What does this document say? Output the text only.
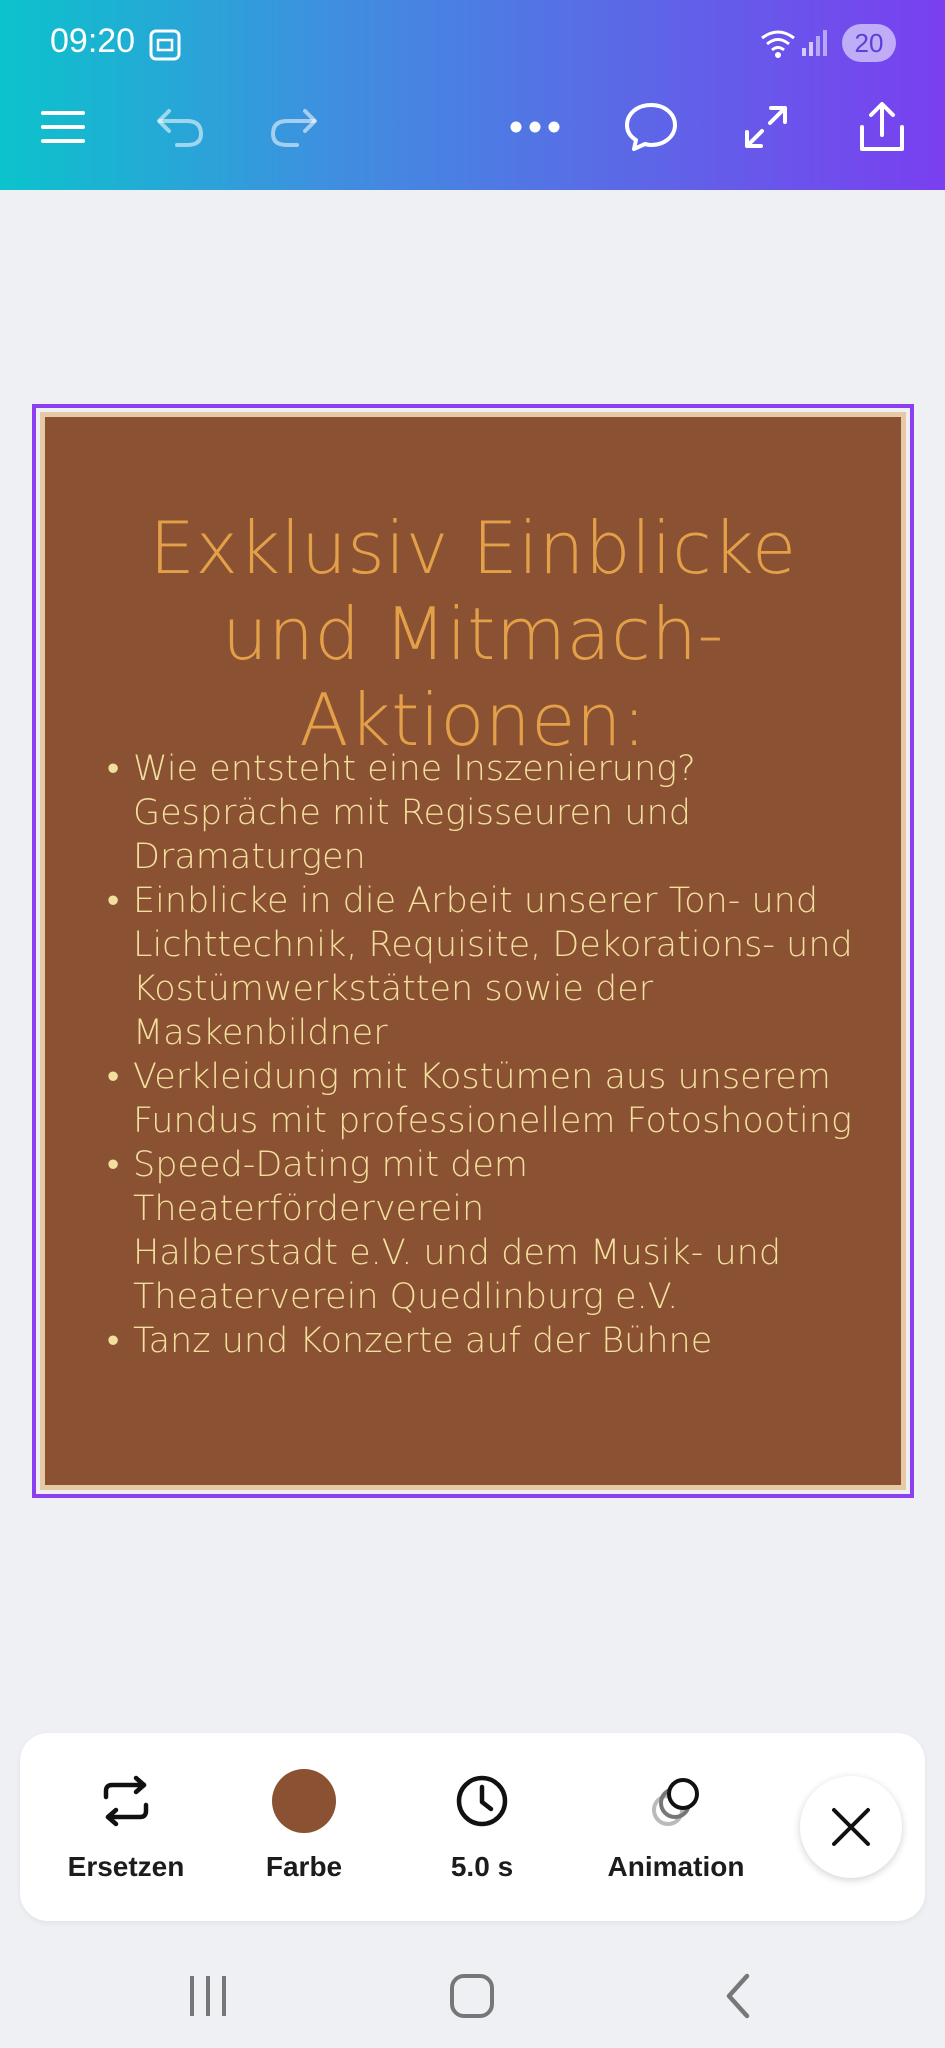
09:20	20
Exklusiv Einblicke und Mitmach-Aktionen:
• Wie entsteht eine Inszenierung?
Gespräche mit Regisseuren und
Dramaturgen
• Einblicke in die Arbeit unserer Ton- und
Lichttechnik, Requisite, Dekorations- und
Kostümwerkstätten sowie der
Maskenbildner
• Verkleidung mit Kostümen aus unserem
Fundus mit professionellem Fotoshooting
• Speed-Dating mit dem Theaterförderverein
Halberstadt e.V. und dem Musik- und
Theaterverein Quedlinburg e.V.
• Tanz und Konzerte auf der Bühne
Ersetzen	Farbe	5.0 s	Animation
